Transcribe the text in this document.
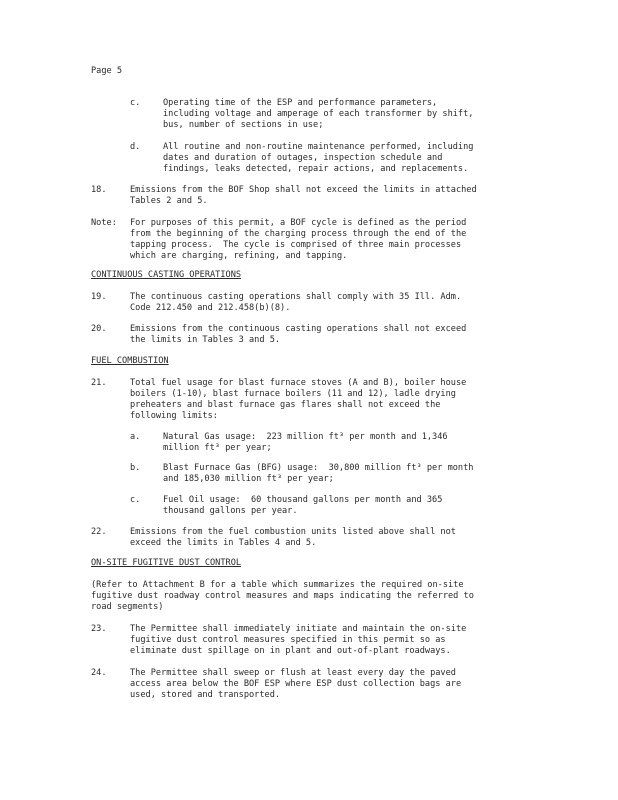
Page 5
c.	Operating time of the ESP and performance parameters,
including voltage and amperage of each transformer by shift,
bus, number of sections in use;
d.	All routine and non-routine maintenance performed, including
dates and duration of outages, inspection schedule and
findings, leaks detected, repair actions, and replacements.
18.	Emissions from the BOF Shop shall not exceed the limits in attached
Tables 2 and 5.
Note: For purposes of this permit, a BOF cycle is defined as the period
from the beginning of the charging process through the end of the
tapping process.  The cycle is comprised of three main processes
which are charging, refining, and tapping.
CONTINUOUS CASTING OPERATIONS
19.	The continuous casting operations shall comply with 35 Ill. Adm.
Code 212.450 and 212.458(b)(8).
20.	Emissions from the continuous casting operations shall not exceed
the limits in Tables 3 and 5.
FUEL COMBUSTION
21.	Total fuel usage for blast furnace stoves (A and B), boiler house
boilers (1-10), blast furnace boilers (11 and 12), ladle drying
preheaters and blast furnace gas flares shall not exceed the
following limits:
a.	Natural Gas usage:  223 million ft³ per month and 1,346
million ft³ per year;
b.	Blast Furnace Gas (BFG) usage:  30,800 million ft³ per month
and 185,030 million ft³ per year;
c.	Fuel Oil usage:  60 thousand gallons per month and 365
thousand gallons per year.
22.	Emissions from the fuel combustion units listed above shall not
exceed the limits in Tables 4 and 5.
ON-SITE FUGITIVE DUST CONTROL
(Refer to Attachment B for a table which summarizes the required on-site
fugitive dust roadway control measures and maps indicating the referred to
road segments)
23.	The Permittee shall immediately initiate and maintain the on-site
fugitive dust control measures specified in this permit so as
eliminate dust spillage on in plant and out-of-plant roadways.
24.	The Permittee shall sweep or flush at least every day the paved
access area below the BOF ESP where ESP dust collection bags are
used, stored and transported.
